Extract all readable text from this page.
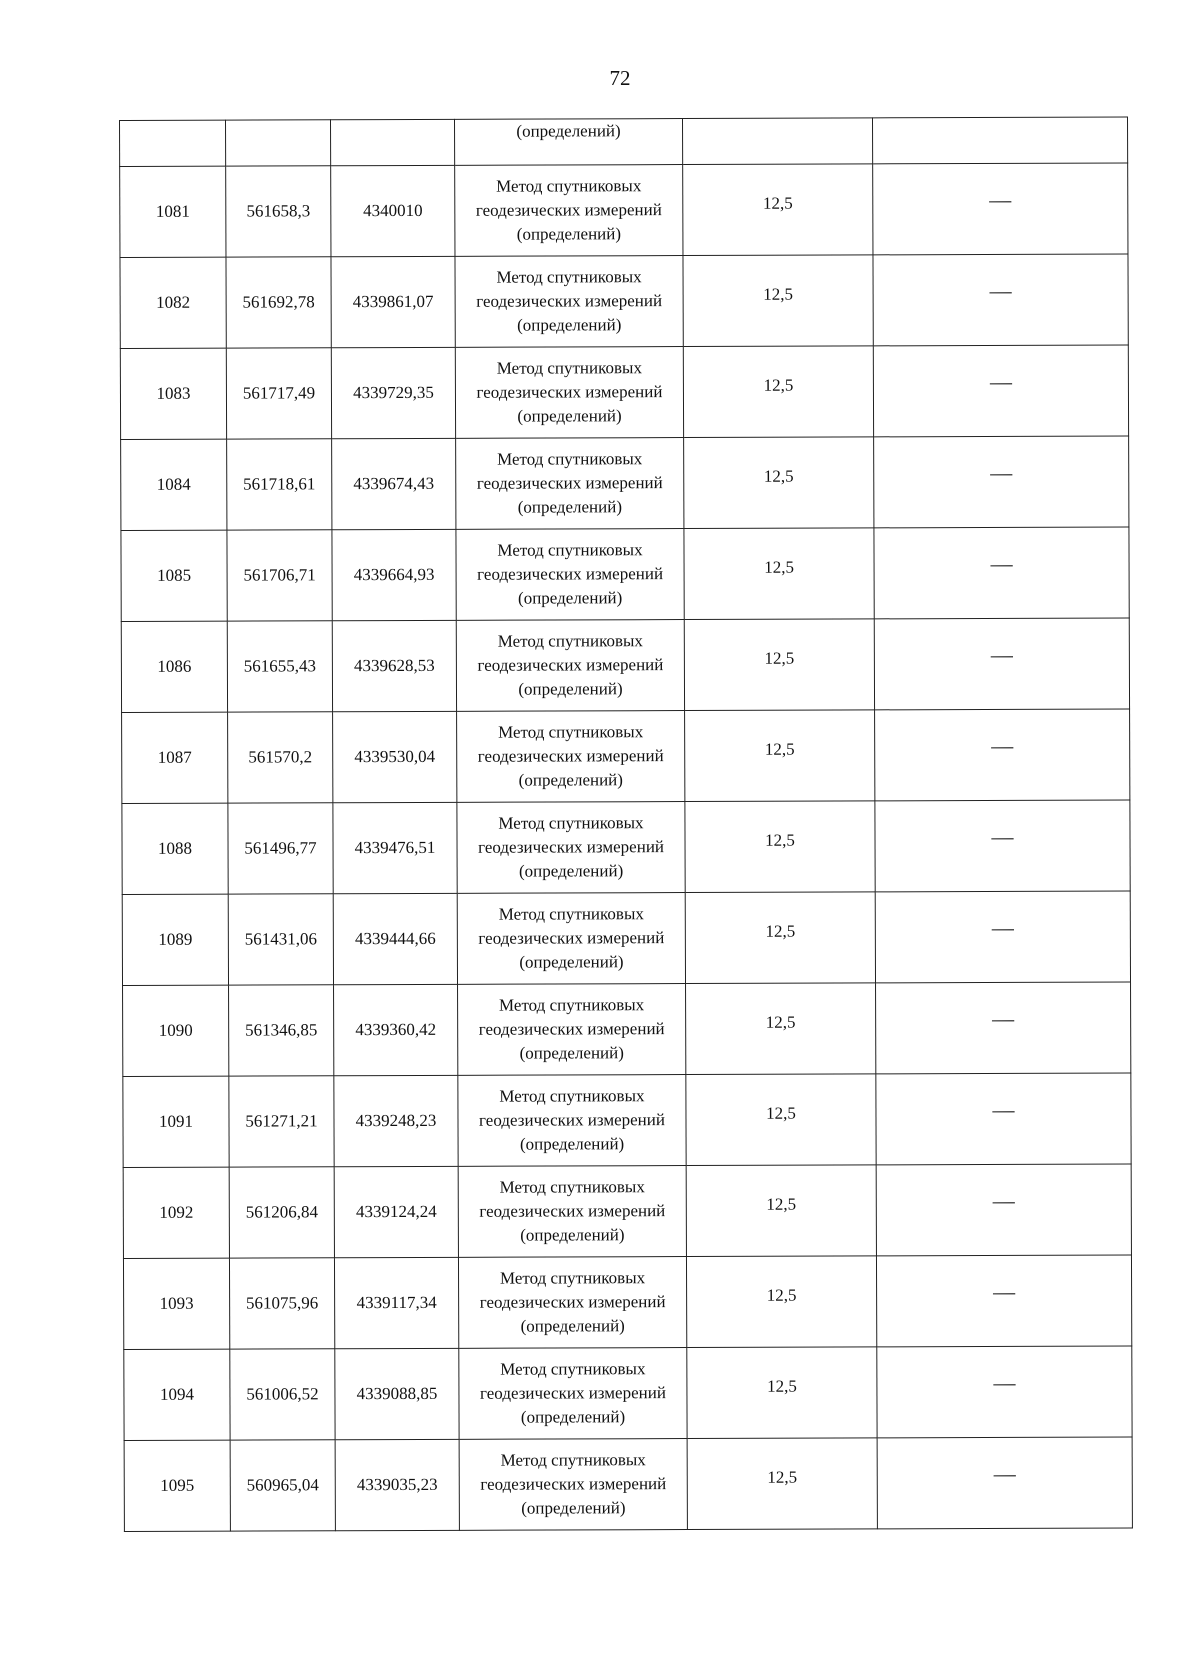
72
			(определений)		
1081	561658,3	4340010	Метод спутниковых
геодезических измерений
(определений)	12,5	—
1082	561692,78	4339861,07	Метод спутниковых
геодезических измерений
(определений)	12,5	—
1083	561717,49	4339729,35	Метод спутниковых
геодезических измерений
(определений)	12,5	—
1084	561718,61	4339674,43	Метод спутниковых
геодезических измерений
(определений)	12,5	—
1085	561706,71	4339664,93	Метод спутниковых
геодезических измерений
(определений)	12,5	—
1086	561655,43	4339628,53	Метод спутниковых
геодезических измерений
(определений)	12,5	—
1087	561570,2	4339530,04	Метод спутниковых
геодезических измерений
(определений)	12,5	—
1088	561496,77	4339476,51	Метод спутниковых
геодезических измерений
(определений)	12,5	—
1089	561431,06	4339444,66	Метод спутниковых
геодезических измерений
(определений)	12,5	—
1090	561346,85	4339360,42	Метод спутниковых
геодезических измерений
(определений)	12,5	—
1091	561271,21	4339248,23	Метод спутниковых
геодезических измерений
(определений)	12,5	—
1092	561206,84	4339124,24	Метод спутниковых
геодезических измерений
(определений)	12,5	—
1093	561075,96	4339117,34	Метод спутниковых
геодезических измерений
(определений)	12,5	—
1094	561006,52	4339088,85	Метод спутниковых
геодезических измерений
(определений)	12,5	—
1095	560965,04	4339035,23	Метод спутниковых
геодезических измерений
(определений)	12,5	—
